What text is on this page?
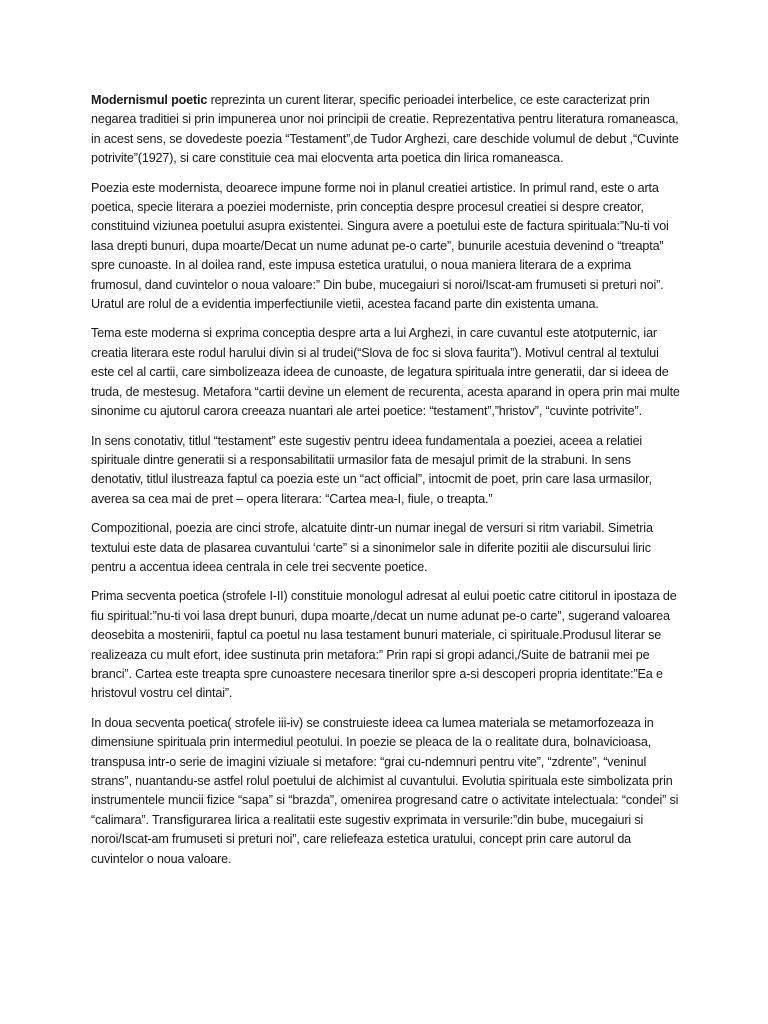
Modernismul poetic reprezinta un curent literar, specific perioadei interbelice, ce este caracterizat prin negarea traditiei si prin impunerea unor noi principii de creatie. Reprezentativa pentru literatura romaneasca, in acest sens, se dovedeste poezia “Testament”,de Tudor Arghezi, care deschide volumul de debut ,“Cuvinte potrivite”(1927), si care constituie cea mai elocventa arta poetica din lirica romaneasca.

Poezia este modernista, deoarece impune forme noi in planul creatiei artistice. In primul rand, este o arta poetica, specie literara a poeziei moderniste, prin conceptia despre procesul creatiei si despre creator, constituind viziunea poetului asupra existentei. Singura avere a poetului este de factura spirituala:”Nu-ti voi lasa drepti bunuri, dupa moarte/Decat un nume adunat pe-o carte”, bunurile acestuia devenind o “treapta” spre cunoaste. In al doilea rand, este impusa estetica uratului, o noua maniera literara de a exprima frumosul, dand cuvintelor o noua valoare:” Din bube, mucegaiuri si noroi/Iscat-am frumuseti si preturi noi”. Uratul are rolul de a evidentia imperfectiunile vietii, acestea facand parte din existenta umana.

Tema este moderna si exprima conceptia despre arta a lui Arghezi, in care cuvantul este atotputernic, iar creatia literara este rodul harului divin si al trudei(“Slova de foc si slova faurita”). Motivul central al textului este cel al cartii, care simbolizeaza ideea de cunoaste, de legatura spirituala intre generatii, dar si ideea de truda, de mestesug. Metafora “cartii devine un element de recurenta, acesta aparand in opera prin mai multe sinonime cu ajutorul carora creeaza nuantari ale artei poetice: “testament”,”hristov”, “cuvinte potrivite”.

In sens conotativ, titlul “testament” este sugestiv pentru ideea fundamentala a poeziei, aceea a relatiei spirituale dintre generatii si a responsabilitatii urmasilor fata de mesajul primit de la strabuni. In sens denotativ, titlul ilustreaza faptul ca poezia este un “act official”, intocmit de poet, prin care lasa urmasilor, averea sa cea mai de pret – opera literara: “Cartea mea-I, fiule, o treapta.”

Compozitional, poezia are cinci strofe, alcatuite dintr-un numar inegal de versuri si ritm variabil. Simetria textului este data de plasarea cuvantului ‘carte” si a sinonimelor sale in diferite pozitii ale discursului liric pentru a accentua ideea centrala in cele trei secvente poetice.

Prima secventa poetica (strofele I-II) constituie monologul adresat al eului poetic catre cititorul in ipostaza de fiu spiritual:”nu-ti voi lasa drept bunuri, dupa moarte,/decat un nume adunat pe-o carte”, sugerand valoarea deosebita a mostenirii, faptul ca poetul nu lasa testament bunuri materiale, ci spirituale.Produsul literar se realizeaza cu mult efort, idee sustinuta prin metafora:” Prin rapi si gropi adanci,/Suite de batranii mei pe branci”. Cartea este treapta spre cunoastere necesara tinerilor spre a-si descoperi propria identitate:”Ea e hristovul vostru cel dintai”.

In doua secventa poetica( strofele iii-iv) se construieste ideea ca lumea materiala se metamorfozeaza in dimensiune spirituala prin intermediul peotului. In poezie se pleaca de la o realitate dura, bolnavicioasa, transpusa intr-o serie de imagini viziuale si metafore: “grai cu-ndemnuri pentru vite”, “zdrente”, “veninul strans”, nuantandu-se astfel rolul poetului de alchimist al cuvantului. Evolutia spirituala este simbolizata prin instrumentele muncii fizice “sapa” si “brazda”, omenirea progresand catre o activitate intelectuala: “condei” si “calimara”. Transfigurarea lirica a realitatii este sugestiv exprimata in versurile:”din bube, mucegaiuri si noroi/Iscat-am frumuseti si preturi noi”, care reliefeaza estetica uratului, concept prin care autorul da cuvintelor o noua valoare.
